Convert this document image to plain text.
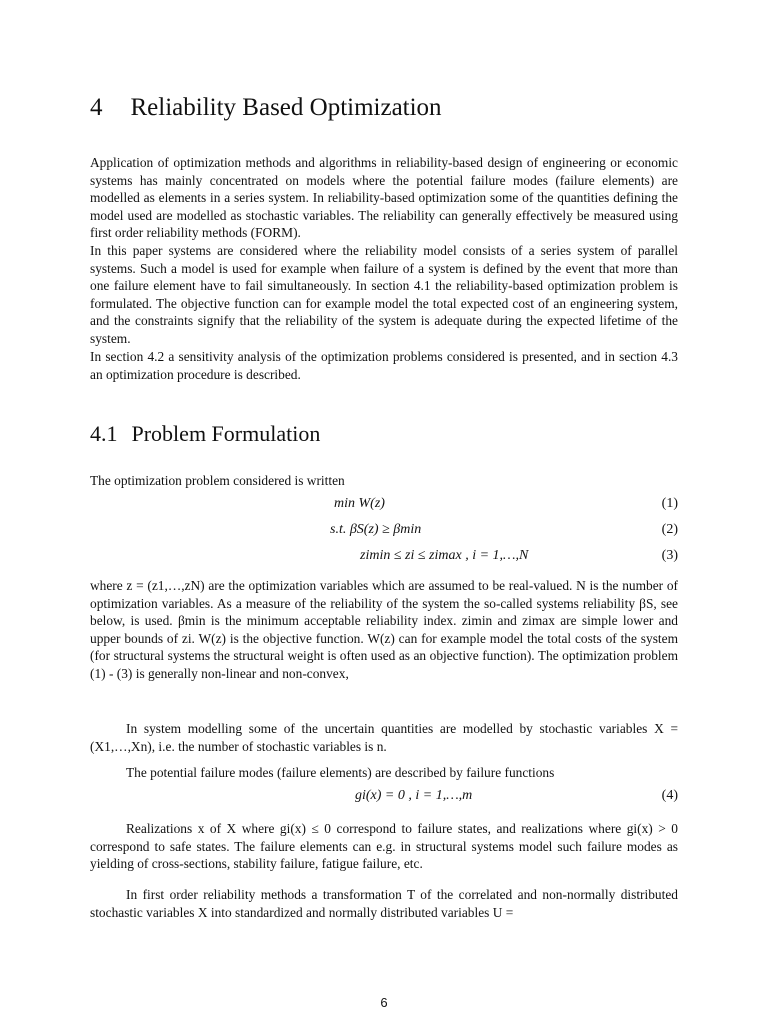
4 Reliability Based Optimization

Application of optimization methods and algorithms in reliability-based design of engineering or economic systems has mainly concentrated on models where the potential failure modes (failure elements) are modelled as elements in a series system. In reliability-based optimization some of the quantities defining the model used are modelled as stochastic variables. The reliability can generally effectively be measured using first order reliability methods (FORM).

In this paper systems are considered where the reliability model consists of a series system of parallel systems. Such a model is used for example when failure of a system is defined by the event that more than one failure element have to fail simultaneously. In section 4.1 the reliability-based optimization problem is formulated. The objective function can for example model the total expected cost of an engineering system, and the constraints signify that the reliability of the system is adequate during the expected lifetime of the system.

In section 4.2 a sensitivity analysis of the optimization problems considered is presented, and in section 4.3 an optimization procedure is described.

4.1 Problem Formulation

The optimization problem considered is written

min W(z)	(1)
s.t. βS(z) ≥ βmin	(2)
zimin ≤ zi ≤ zimax , i = 1,…,N	(3)

where z = (z1,…,zN) are the optimization variables which are assumed to be real-valued. N is the number of optimization variables. As a measure of the reliability of the system the so-called systems reliability βS, see below, is used. βmin is the minimum acceptable reliability index. zimin and zimax are simple lower and upper bounds of zi. W(z) is the objective function. W(z) can for example model the total costs of the system (for structural systems the structural weight is often used as an objective function). The optimization problem (1) - (3) is generally non-linear and non-convex,

In system modelling some of the uncertain quantities are modelled by stochastic variables X = (X1,…,Xn), i.e. the number of stochastic variables is n.

The potential failure modes (failure elements) are described by failure functions

gi(x) = 0 , i = 1,…,m	(4)

Realizations x of X where gi(x) ≤ 0 correspond to failure states, and realizations where gi(x) > 0 correspond to safe states. The failure elements can e.g. in structural systems model such failure modes as yielding of cross-sections, stability failure, fatigue failure, etc.

In first order reliability methods a transformation T of the correlated and non-normally distributed stochastic variables X into standardized and normally distributed variables U =

6
